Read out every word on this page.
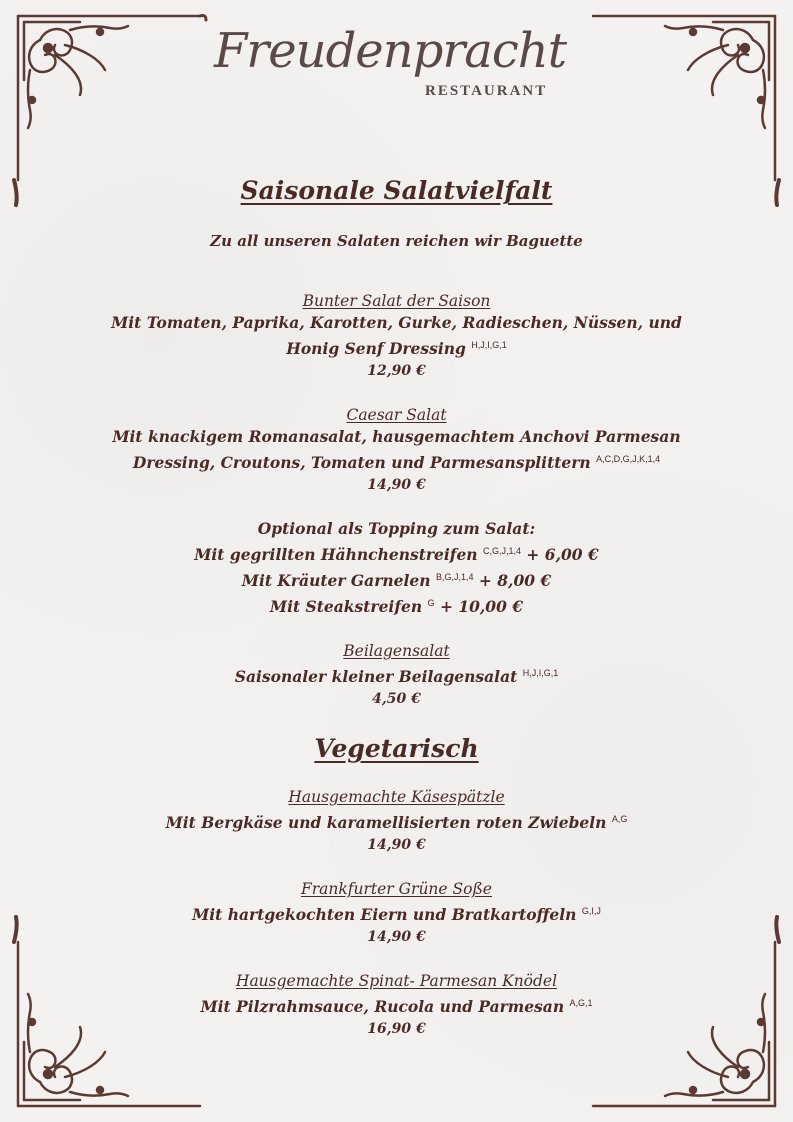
Freudenpracht
RESTAURANT
Saisonale Salatvielfalt
Zu all unseren Salaten reichen wir Baguette
Bunter Salat der Saison
Mit Tomaten, Paprika, Karotten, Gurke, Radieschen, Nüssen, und
Honig Senf Dressing $^{H,J,I,G,1}$
12,90 €
Caesar Salat
Mit knackigem Romanasalat, hausgemachtem Anchovi Parmesan
Dressing, Croutons, Tomaten und Parmesansplittern $^{A,C,D,G,J,K,1,4}$
14,90 €
Optional als Topping zum Salat:
Mit gegrillten Hähnchenstreifen $^{C,G,J,1,4}$ + 6,00 €
Mit Kräuter Garnelen $^{B,G,J,1,4}$ + 8,00 €
Mit Steakstreifen $^G$ + 10,00 €
Beilagensalat
Saisonaler kleiner Beilagensalat $^{H,J,I,G,1}$
4,50 €
Vegetarisch
Hausgemachte Käsespätzle
Mit Bergkäse und karamellisierten roten Zwiebeln $^{A,G}$
14,90 €
Frankfurter Grüne Soße
Mit hartgekochten Eiern und Bratkartoffeln $^{G,I,J}$
14,90 €
Hausgemachte Spinat- Parmesan Knödel
Mit Pilzrahmsauce, Rucola und Parmesan $^{A,G,1}$
16,90 €
